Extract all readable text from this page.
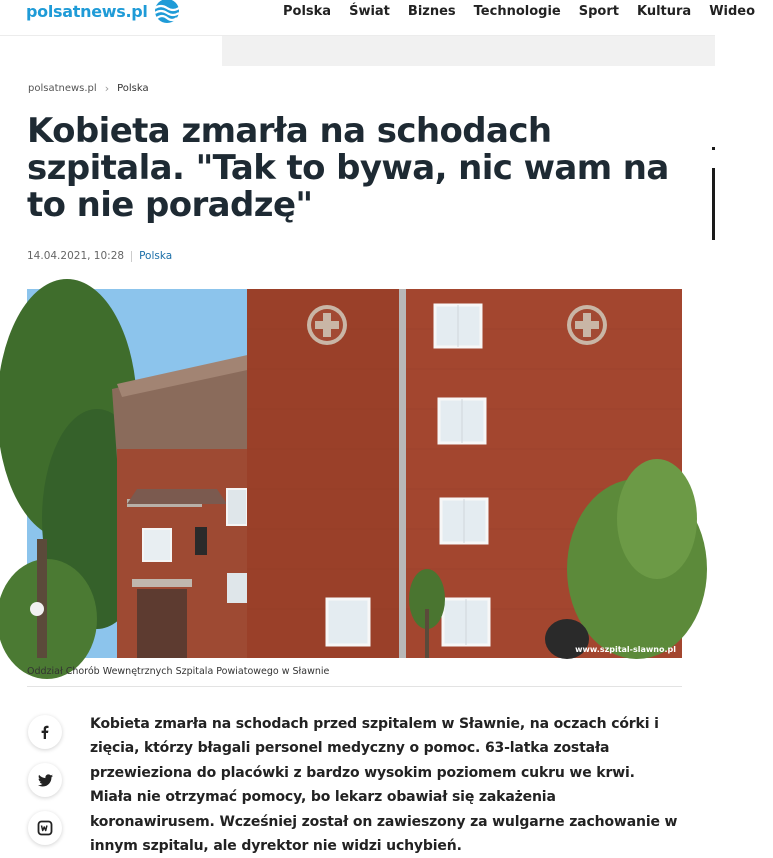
polsatnews.pl	Polska Świat Biznes Technologie Sport Kultura Wideo
polsatnews.pl › Polska
Kobieta zmarła na schodach szpitala. "Tak to bywa, nic wam na to nie poradzę"
14.04.2021, 10:28 Polska
www.szpital-slawno.pl
Oddział Chorób Wewnętrznych Szpitala Powiatowego w Sławnie

Kobieta zmarła na schodach przed szpitalem w Sławnie, na oczach córki i zięcia, którzy błagali personel medyczny o pomoc. 63-latka została przewieziona do placówki z bardzo wysokim poziomem cukru we krwi. Miała nie otrzymać pomocy, bo lekarz obawiał się zakażenia koronawirusem. Wcześniej został on zawieszony za wulgarne zachowanie w innym szpitalu, ale dyrektor nie widzi uchybień.
